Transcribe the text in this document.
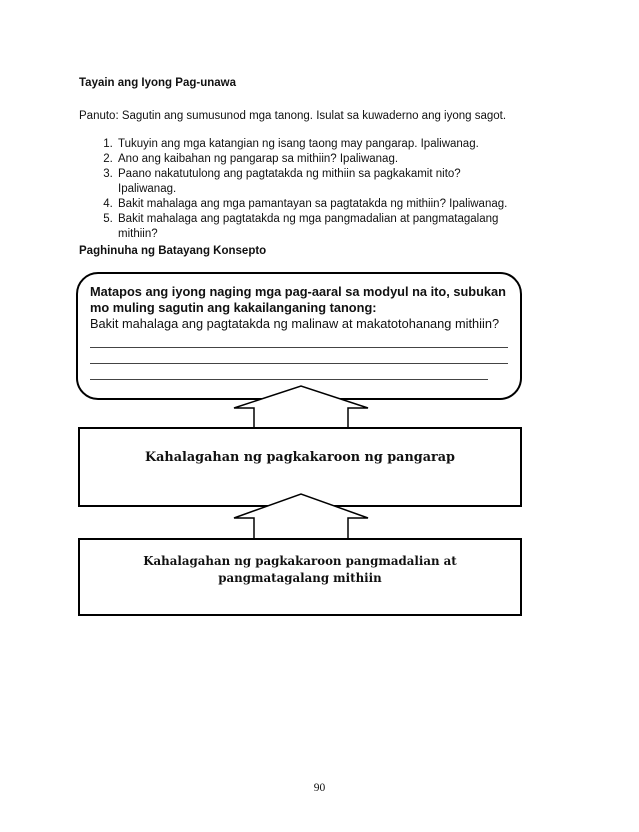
Tayain ang Iyong Pag-unawa
Panuto: Sagutin ang sumusunod mga tanong. Isulat sa kuwaderno ang iyong sagot.
1. Tukuyin ang mga katangian ng isang taong may pangarap. Ipaliwanag.
2. Ano ang kaibahan ng pangarap sa mithiin? Ipaliwanag.
3. Paano nakatutulong ang pagtatakda ng mithiin sa pagkakamit nito? Ipaliwanag.
4. Bakit mahalaga ang mga pamantayan sa pagtatakda ng mithiin? Ipaliwanag.
5. Bakit mahalaga ang pagtatakda ng mga pangmadalian at pangmatagalang mithiin?
Paghinuha ng Batayang Konsepto
Matapos ang iyong naging mga pag-aaral sa modyul na ito, subukan mo muling sagutin ang kakailanganing tanong:
Bakit mahalaga ang pagtatakda ng malinaw at makatotohanang mithiin?
Kahalagahan ng pagkakaroon ng pangarap
Kahalagahan ng pagkakaroon pangmadalian at pangmatagalang mithiin
90
